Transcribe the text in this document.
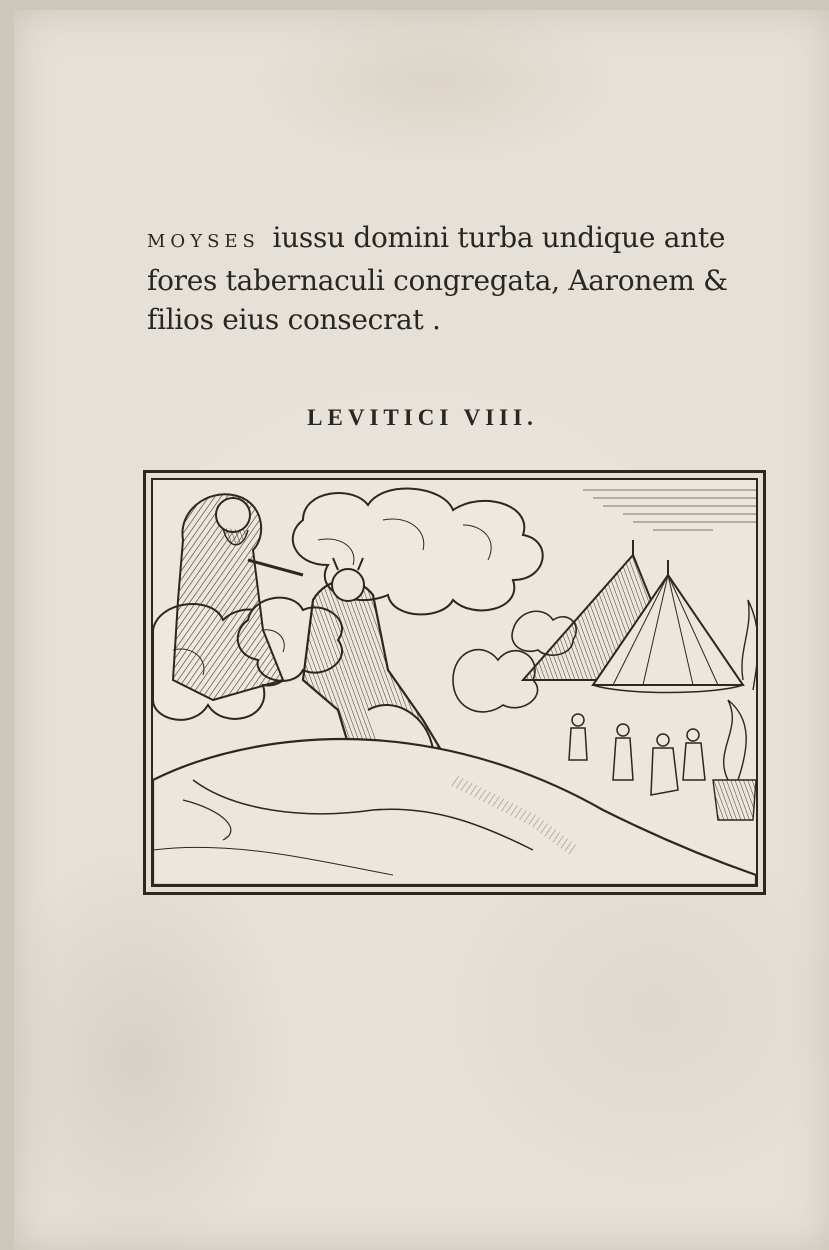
MOYSES iussu domini turba undique ante
fores tabernaculi congregata, Aaronem &
filios eius consecrat .

LEVITICI VIII.
